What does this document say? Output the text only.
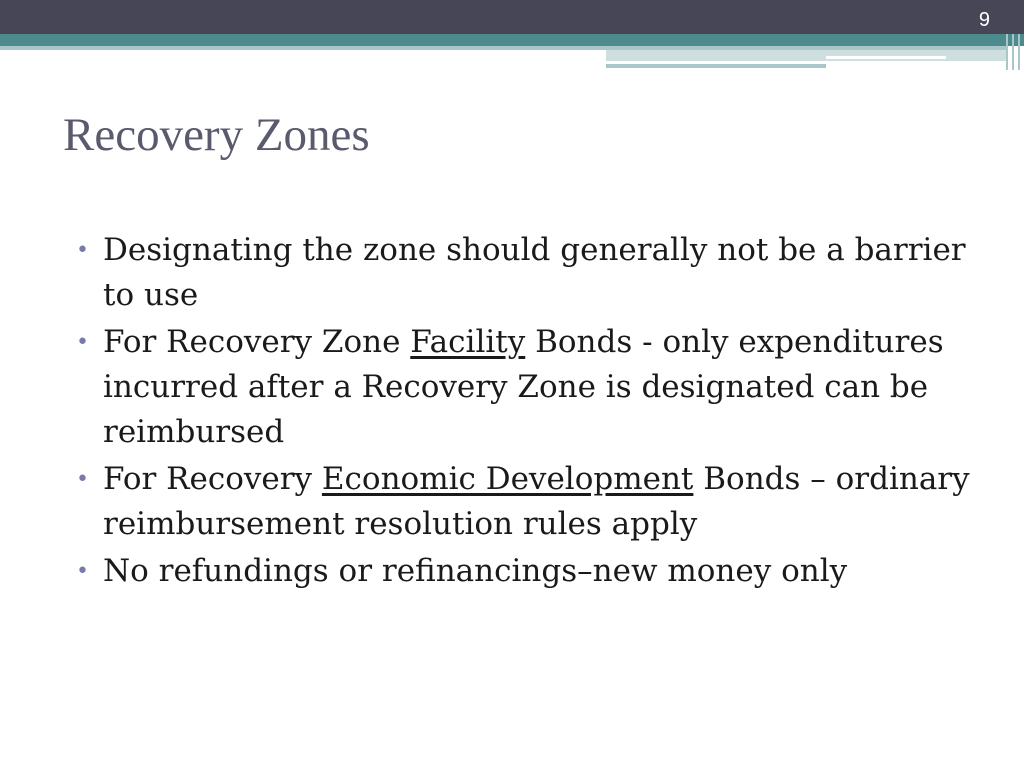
9
Recovery Zones
• Designating the zone should generally not be a barrier to use
• For Recovery Zone Facility Bonds - only expenditures incurred after a Recovery Zone is designated can be reimbursed
• For Recovery Economic Development Bonds – ordinary reimbursement resolution rules apply
• No refundings or refinancings–new money only
